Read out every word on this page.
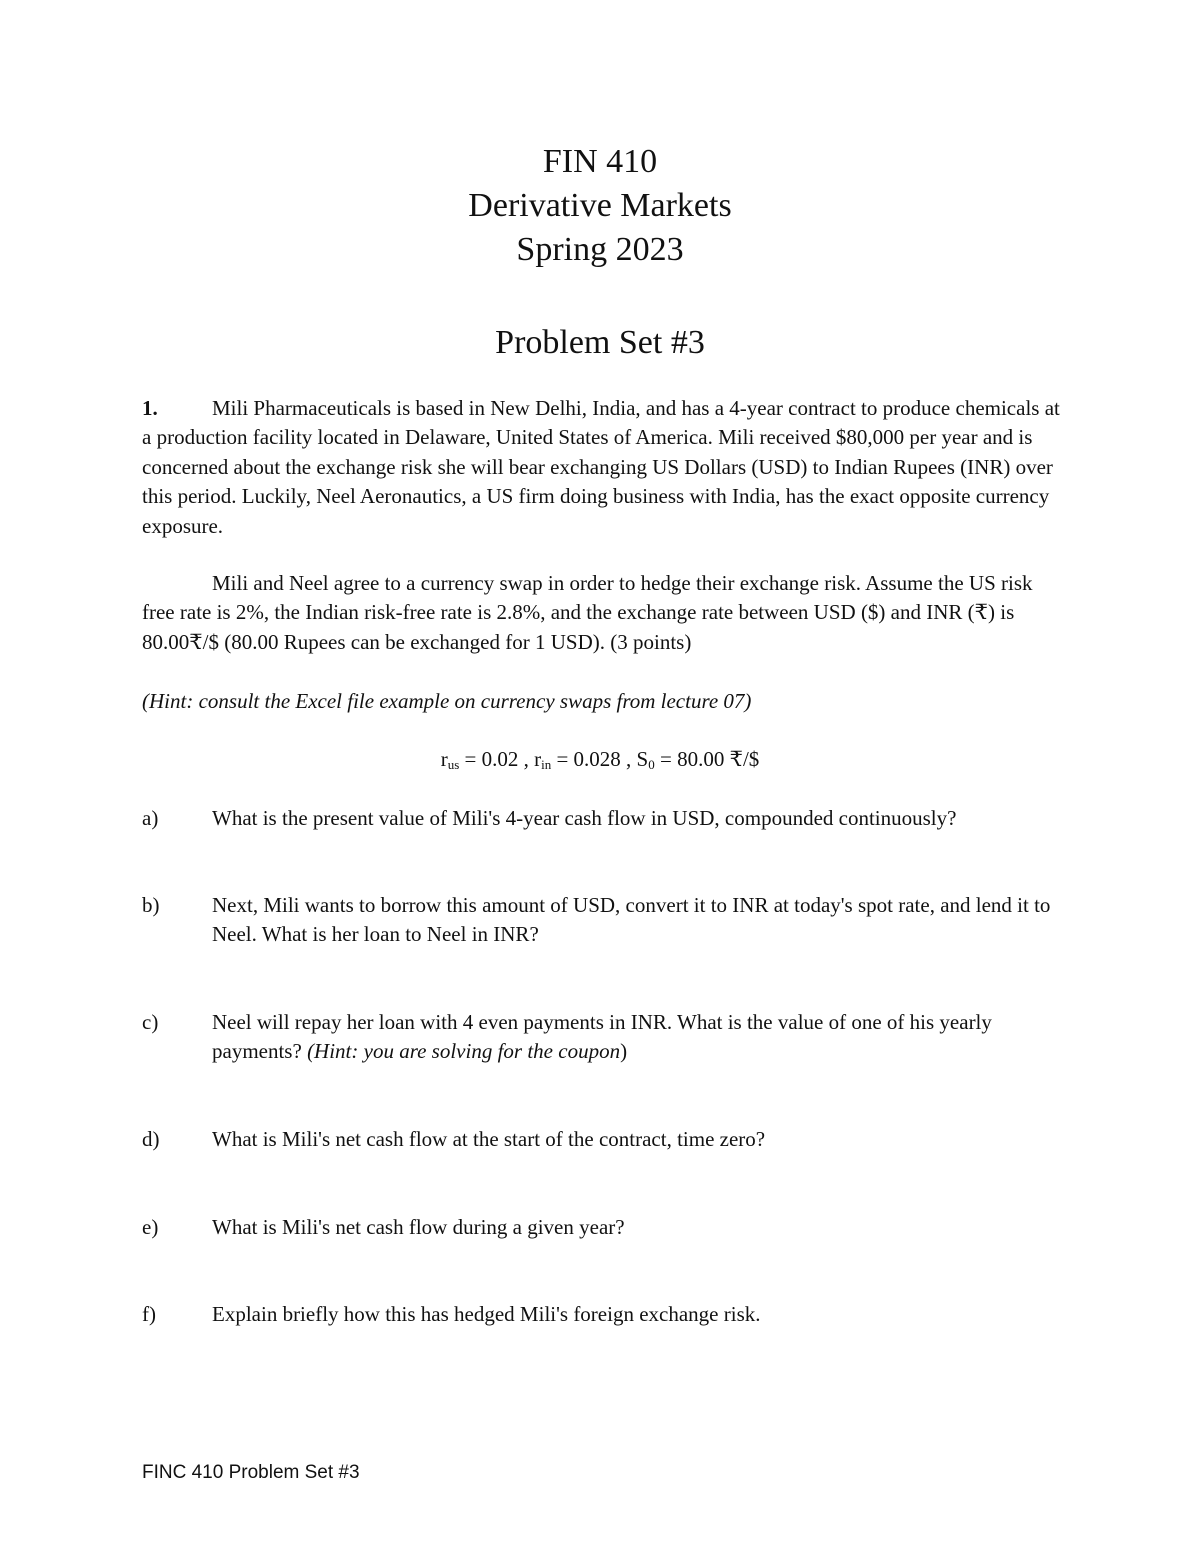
FIN 410
Derivative Markets
Spring 2023
Problem Set #3

1.	Mili Pharmaceuticals is based in New Delhi, India, and has a 4-year contract to produce chemicals at a production facility located in Delaware, United States of America. Mili received $80,000 per year and is concerned about the exchange risk she will bear exchanging US Dollars (USD) to Indian Rupees (INR) over this period. Luckily, Neel Aeronautics, a US firm doing business with India, has the exact opposite currency exposure.

Mili and Neel agree to a currency swap in order to hedge their exchange risk. Assume the US risk free rate is 2%, the Indian risk-free rate is 2.8%, and the exchange rate between USD ($) and INR (₹) is 80.00₹/$ (80.00 Rupees can be exchanged for 1 USD). (3 points)

(Hint: consult the Excel file example on currency swaps from lecture 07)

$r_{us} = 0.02$ , $r_{in} = 0.028$ , $S_0 = 80.00$ ₹/$
a)	What is the present value of Mili's 4-year cash flow in USD, compounded continuously?
b)	Next, Mili wants to borrow this amount of USD, convert it to INR at today's spot rate, and lend it to Neel. What is her loan to Neel in INR?
c)	Neel will repay her loan with 4 even payments in INR. What is the value of one of his yearly payments? (Hint: you are solving for the coupon)
d)	What is Mili's net cash flow at the start of the contract, time zero?
e)	What is Mili's net cash flow during a given year?
f)	Explain briefly how this has hedged Mili's foreign exchange risk.
FINC 410 Problem Set #3
